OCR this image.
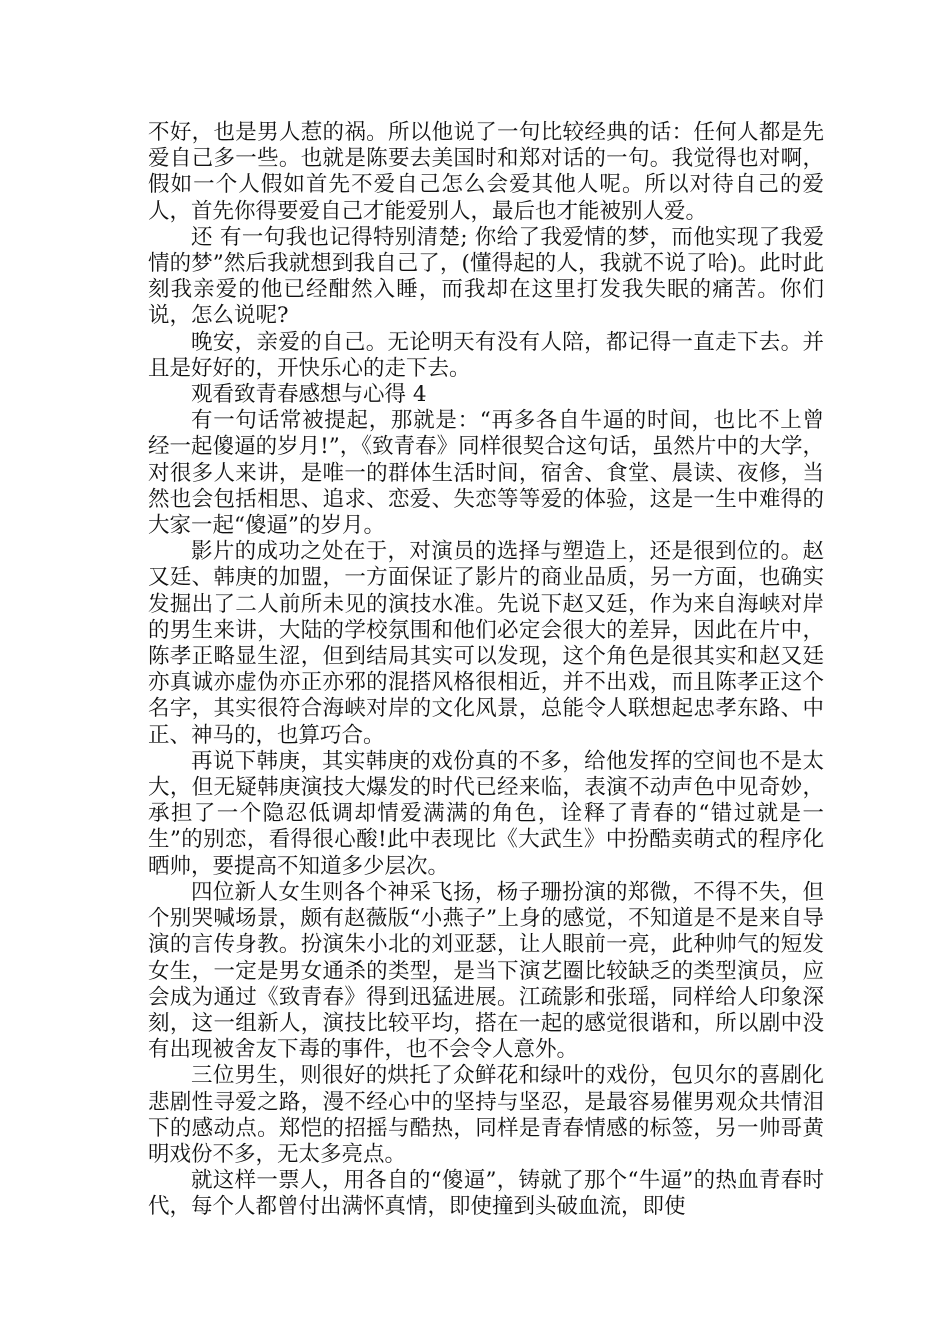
不好，也是男人惹的祸。所以他说了一句比较经典的话：任何人都是先爱自己多一些。也就是陈要去美国时和郑对话的一句。我觉得也对啊，假如一个人假如首先不爱自己怎么会爱其他人呢。所以对待自己的爱人，首先你得要爱自己才能爱别人，最后也才能被别人爱。

还 有一句我也记得特别清楚; 你给了我爱情的梦，而他实现了我爱情的梦”然后我就想到我自己了，(懂得起的人，我就不说了哈)。此时此刻我亲爱的他已经酣然入睡，而我却在这里打发我失眠的痛苦。你们说，怎么说呢?

晚安，亲爱的自己。无论明天有没有人陪，都记得一直走下去。并且是好好的，开快乐心的走下去。

观看致青春感想与心得 4

有一句话常被提起，那就是：“再多各自牛逼的时间，也比不上曾经一起傻逼的岁月!”，《致青春》同样很契合这句话，虽然片中的大学，对很多人来讲，是唯一的群体生活时间，宿舍、食堂、晨读、夜修，当然也会包括相思、追求、恋爱、失恋等等爱的体验，这是一生中难得的大家一起“傻逼”的岁月。

影片的成功之处在于，对演员的选择与塑造上，还是很到位的。赵又廷、韩庚的加盟，一方面保证了影片的商业品质，另一方面，也确实发掘出了二人前所未见的演技水准。先说下赵又廷，作为来自海峡对岸的男生来讲，大陆的学校氛围和他们必定会很大的差异，因此在片中，陈孝正略显生涩，但到结局其实可以发现，这个角色是很其实和赵又廷亦真诚亦虚伪亦正亦邪的混搭风格很相近，并不出戏，而且陈孝正这个名字，其实很符合海峡对岸的文化风景，总能令人联想起忠孝东路、中正、神马的，也算巧合。

再说下韩庚，其实韩庚的戏份真的不多，给他发挥的空间也不是太大，但无疑韩庚演技大爆发的时代已经来临，表演不动声色中见奇妙，承担了一个隐忍低调却情爱满满的角色，诠释了青春的“错过就是一生”的别恋，看得很心酸!此中表现比《大武生》中扮酷卖萌式的程序化晒帅，要提高不知道多少层次。

四位新人女生则各个神采飞扬，杨子珊扮演的郑微，不得不失，但个别哭喊场景，颇有赵薇版“小燕子”上身的感觉，不知道是不是来自导演的言传身教。扮演朱小北的刘亚瑟，让人眼前一亮，此种帅气的短发女生，一定是男女通杀的类型，是当下演艺圈比较缺乏的类型演员，应会成为通过《致青春》得到迅猛进展。江疏影和张瑶，同样给人印象深刻，这一组新人，演技比较平均，搭在一起的感觉很谐和，所以剧中没有出现被舍友下毒的事件，也不会令人意外。

三位男生，则很好的烘托了众鲜花和绿叶的戏份，包贝尔的喜剧化悲剧性寻爱之路，漫不经心中的坚持与坚忍，是最容易催男观众共情泪下的感动点。郑恺的招摇与酷热，同样是青春情感的标签，另一帅哥黄明戏份不多，无太多亮点。

就这样一票人，用各自的“傻逼”，铸就了那个“牛逼”的热血青春时代，每个人都曾付出满怀真情，即使撞到头破血流，即使
